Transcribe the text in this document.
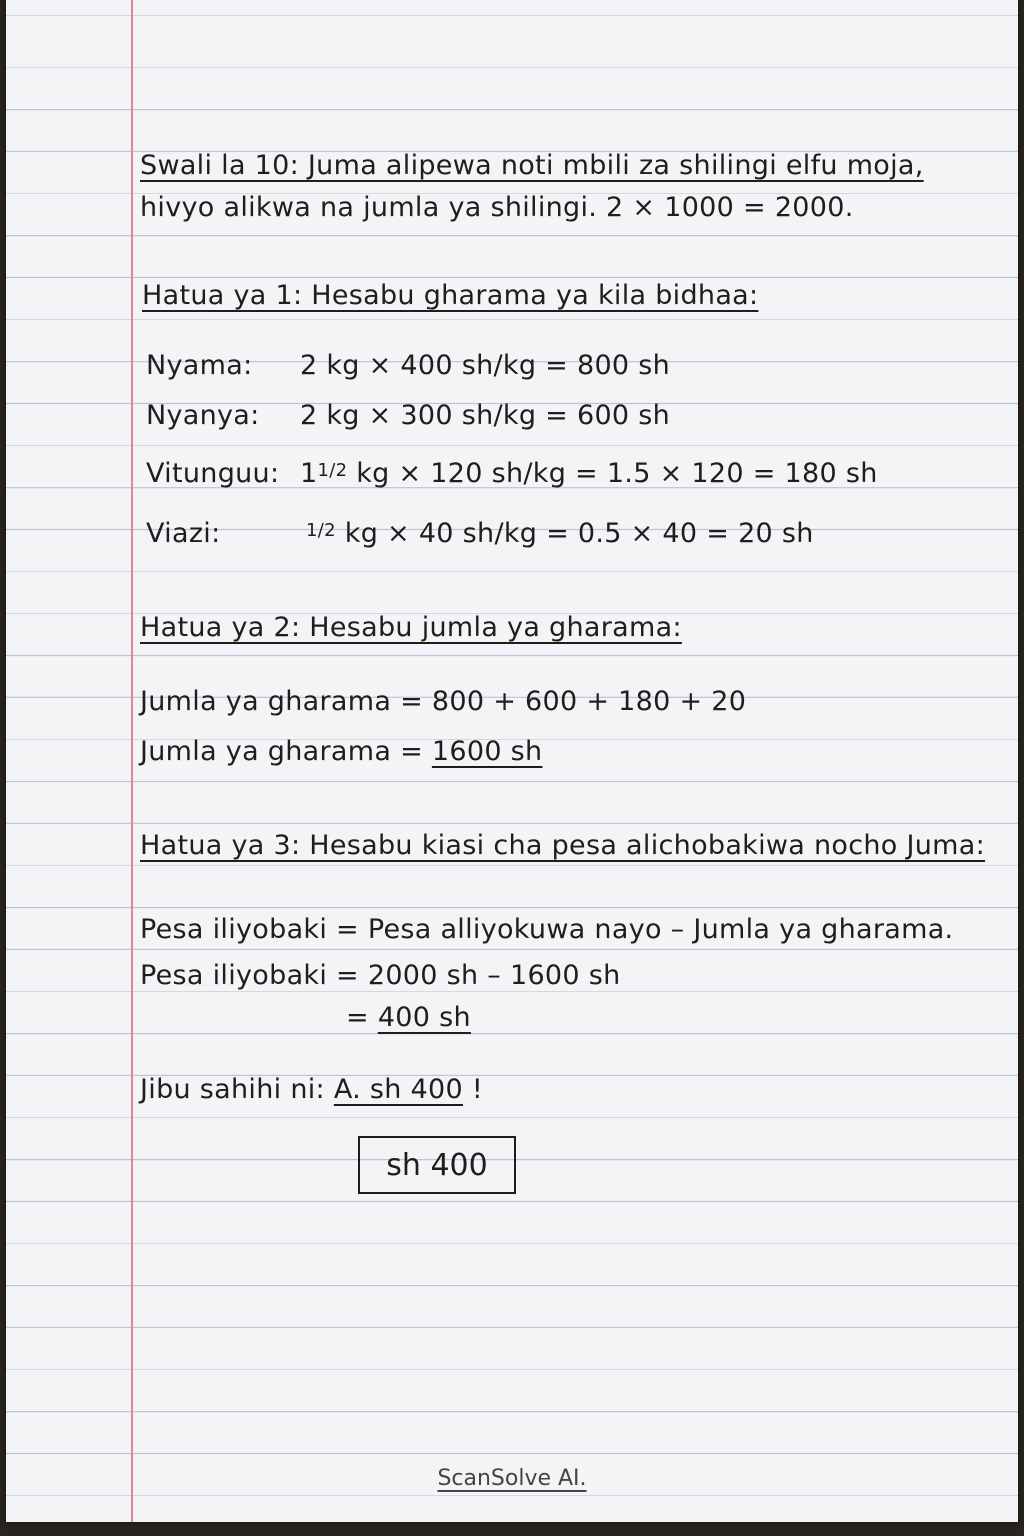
Swali la 10: Juma alipewa noti mbili za shilingi elfu moja,
hivyo alikwa na jumla ya shilingi. 2 × 1000 = 2000.
Hatua ya 1: Hesabu gharama ya kila bidhaa:
Nyama: 2 kg × 400 sh/kg = 800 sh
Nyanya: 2 kg × 300 sh/kg = 600 sh
Vitunguu: $1^{1/2}$ kg × 120 sh/kg = 1.5 × 120 = 180 sh
Viazi:	$^{1/2}$ kg × 40 sh/kg = 0.5 × 40 = 20 sh
Hatua ya 2: Hesabu jumla ya gharama:
Jumla ya gharama = 800 + 600 + 180 + 20
Jumla ya gharama = 1600 sh
Hatua ya 3: Hesabu kiasi cha pesa alichobakiwa nocho Juma:
Pesa iliyobaki = Pesa alliyokuwa nayo – Jumla ya gharama.
Pesa iliyobaki = 2000 sh – 1600 sh
= 400 sh
Jibu sahihi ni: A. sh 400 !
sh 400
ScanSolve AI.
